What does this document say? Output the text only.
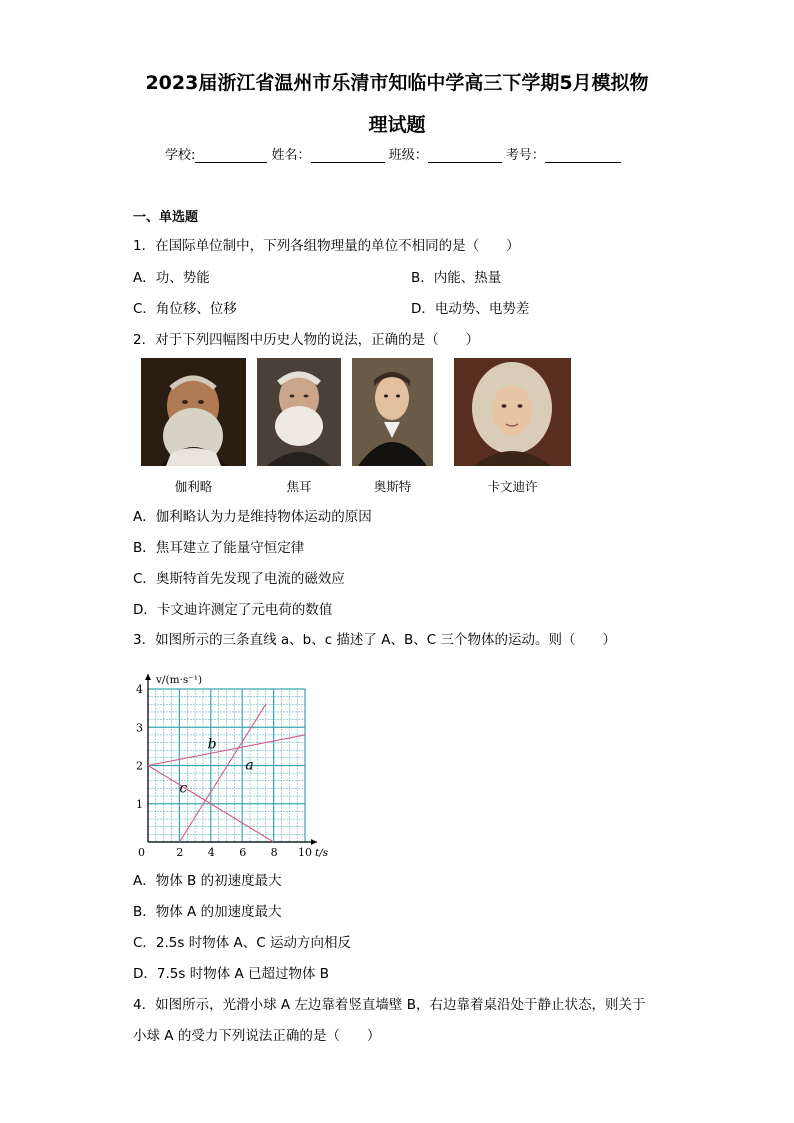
2023届浙江省温州市乐清市知临中学高三下学期5月模拟物
理试题
学校:	姓名：	班级：	考号：
一、单选题
1．在国际单位制中，下列各组物理量的单位不相同的是（　　）
A．功、势能	B．内能、热量
C．角位移、位移	D．电动势、电势差
2．对于下列四幅图中历史人物的说法，正确的是（　　）
伽利略	焦耳	奥斯特	卡文迪许
A．伽利略认为力是维持物体运动的原因
B．焦耳建立了能量守恒定律
C．奥斯特首先发现了电流的磁效应
D．卡文迪许测定了元电荷的数值
3．如图所示的三条直线 a、b、c 描述了 A、B、C 三个物体的运动。则（　　）
0	2 4 6 8 10
1
2
3
4
v/(m·s⁻¹)
t/s
a
b
c
A．物体 B 的初速度最大
B．物体 A 的加速度最大
C．2.5s 时物体 A、C 运动方向相反
D．7.5s 时物体 A 已超过物体 B
4．如图所示，光滑小球 A 左边靠着竖直墙壁 B，右边靠着桌沿处于静止状态，则关于
小球 A 的受力下列说法正确的是（　　）
